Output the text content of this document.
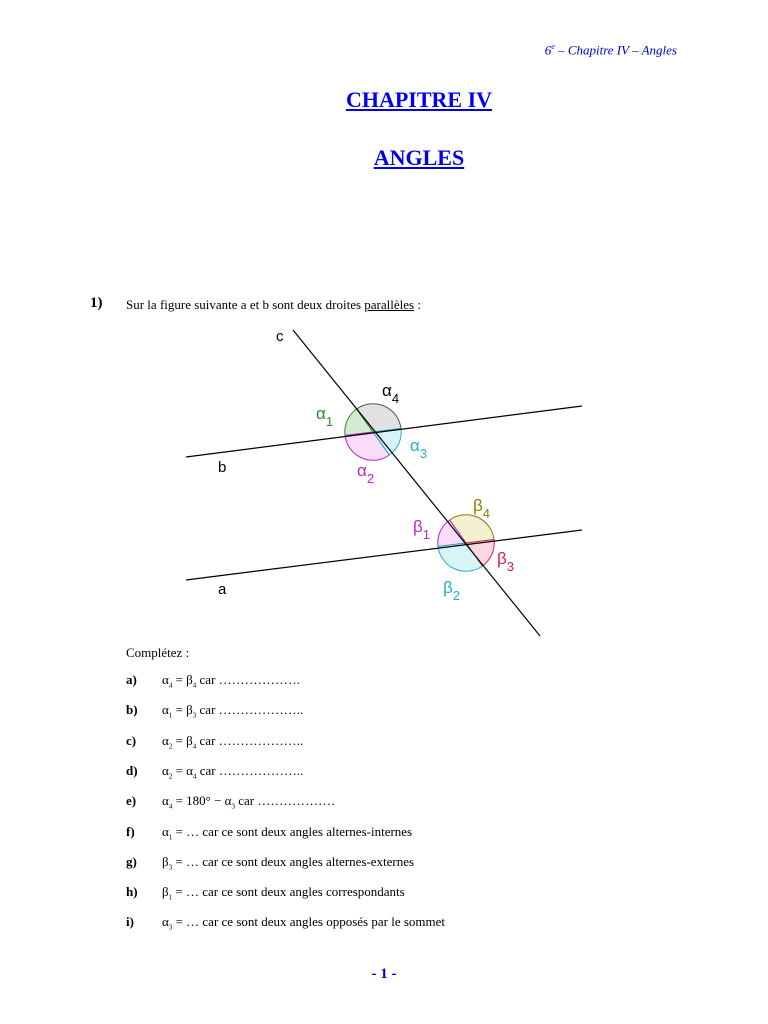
6e – Chapitre IV – Angles
CHAPITRE IV
ANGLES
1) Sur la figure suivante a et b sont deux droites parallèles :
c
b
a
$\alpha_4$
$\alpha_1$
$\alpha_3$
$\alpha_2$
$\beta_4$
$\beta_1$
$\beta_3$
$\beta_2$
Complétez :
a)	$\alpha_4 = \beta_4$ car ……………….
b)	$\alpha_1 = \beta_3$ car ………………..
c)	$\alpha_2 = \beta_4$ car ………………..
d)	$\alpha_2 = \alpha_4$ car ………………..
e)	$\alpha_4 = 180^\circ - \alpha_3$ car ………………
f)	$\alpha_1$ = … car ce sont deux angles alternes-internes
g)	$\beta_3$ = … car ce sont deux angles alternes-externes
h)	$\beta_1$ = … car ce sont deux angles correspondants
i)	$\alpha_3$ = … car ce sont deux angles opposés par le sommet
- 1 -
